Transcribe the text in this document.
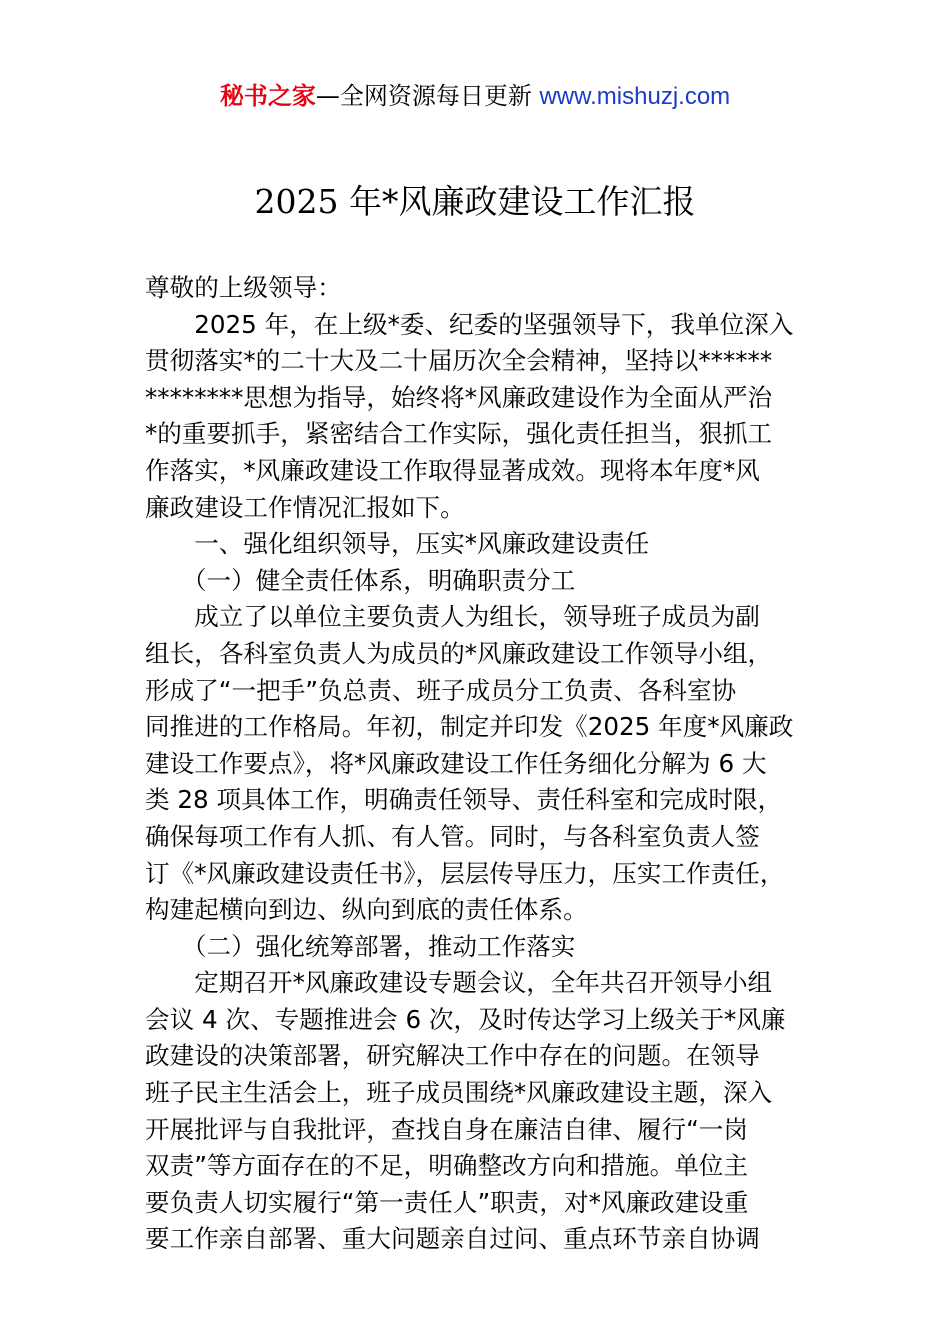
秘书之家—全网资源每日更新 www.mishuzj.com
2025 年*风廉政建设工作汇报

尊敬的上级领导：

　　2025 年，在上级*委、纪委的坚强领导下，我单位深入

贯彻落实*的二十大及二十届历次全会精神，坚持以******

********思想为指导，始终将*风廉政建设作为全面从严治

*的重要抓手，紧密结合工作实际，强化责任担当，狠抓工

作落实，*风廉政建设工作取得显著成效。现将本年度*风

廉政建设工作情况汇报如下。

　　一、强化组织领导，压实*风廉政建设责任

　　（一）健全责任体系，明确职责分工

　　成立了以单位主要负责人为组长，领导班子成员为副

组长，各科室负责人为成员的*风廉政建设工作领导小组，

形成了“一把手”负总责、班子成员分工负责、各科室协

同推进的工作格局。年初，制定并印发《2025 年度*风廉政

建设工作要点》，将*风廉政建设工作任务细化分解为 6 大

类 28 项具体工作，明确责任领导、责任科室和完成时限，

确保每项工作有人抓、有人管。同时，与各科室负责人签

订《*风廉政建设责任书》，层层传导压力，压实工作责任，

构建起横向到边、纵向到底的责任体系。

　　（二）强化统筹部署，推动工作落实

　　定期召开*风廉政建设专题会议，全年共召开领导小组

会议 4 次、专题推进会 6 次，及时传达学习上级关于*风廉

政建设的决策部署，研究解决工作中存在的问题。在领导

班子民主生活会上，班子成员围绕*风廉政建设主题，深入

开展批评与自我批评，查找自身在廉洁自律、履行“一岗

双责”等方面存在的不足，明确整改方向和措施。单位主

要负责人切实履行“第一责任人”职责，对*风廉政建设重

要工作亲自部署、重大问题亲自过问、重点环节亲自协调
